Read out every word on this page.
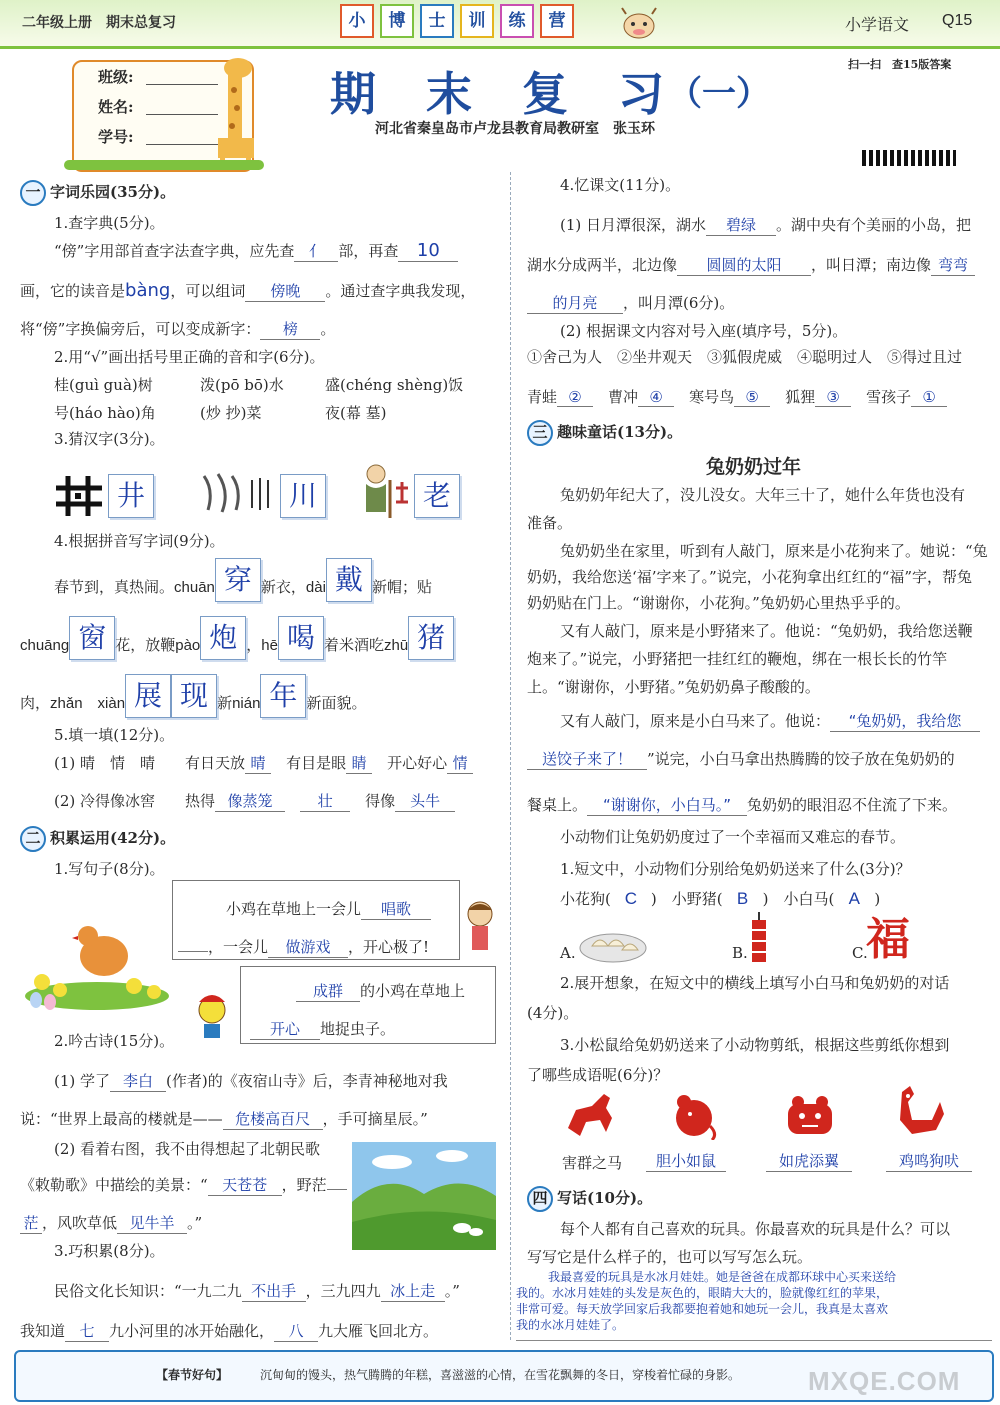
二年级上册　期末总复习	小	博	士	训	练	营	小学语文 Q15
班级:
姓名:
学号:
期　末　复　习 （一）
河北省秦皇岛市卢龙县教育局教研室　张玉环
扫一扫　查15版答案
一 字词乐园(35分)。
1.查字典(5分)。
“傍”字用部首查字法查字典，应先查 亻 部，再查 10
画，它的读音是bàng，可以组词 傍晚 。通过查字典我发现，
将“傍”字换偏旁后，可以变成新字： 榜 。
2.用“√”画出括号里正确的音和字(6分)。
桂(guì guà)树	泼(pō bō)水	盛(chéng shèng)饭
号(háo hào)角	(炒 抄)菜	夜(幕 墓)
3.猜汉字(3分)。
井	川	老
4.根据拼音写字词(9分)。
春节到，真热闹。chuān 穿 新衣，dài 戴 新帽；贴
chuāng 窗 花，放鞭pào 炮 ，hē 喝 着米酒吃zhū 猪
肉，zhǎn　xiàn 展 现 新nián 年 新面貌。
5.填一填(12分)。
(1) 晴　情　晴　　 有日天放 晴　 有目是眼 睛　 开心好心 情
(2) 冷得像冰窖　　 热得 像蒸笼　	壮　 得像 头牛
二 积累运用(42分)。
1.写句子(8分)。
小鸡在草地上一会儿 唱歌
，一会儿 做游戏 ，开心极了!
成群 的小鸡在草地上
开心 地捉虫子。
2.吟古诗(15分)。
(1) 学了 李白 (作者)的《夜宿山寺》后，李青神秘地对我
说：“世界上最高的楼就是—— 危楼高百尺 ，手可摘星辰。”
(2) 看着右图，我不由得想起了北朝民歌
《敕勒歌》中描绘的美景：“ 天苍苍 ，野茫
茫 ，风吹草低 见牛羊 。”
3.巧积累(8分)。
民俗文化长知识：“一九二九 不出手 ，三九四九 冰上走 。”
我知道 七 九小河里的冰开始融化， 八 九大雁飞回北方。
4.忆课文(11分)。
(1) 日月潭很深，湖水 碧绿 。湖中央有个美丽的小岛，把
湖水分成两半，北边像 圆圆的太阳 ，叫日潭；南边像 弯弯
的月亮 ，叫月潭(6分)。
(2) 根据课文内容对号入座(填序号，5分)。
①舍己为人　②坐井观天　③狐假虎威　④聪明过人　⑤得过且过
青蛙 ②　 曹冲 ④　 寒号鸟 ⑤　 狐狸 ③　 雪孩子 ①
三 趣味童话(13分)。
兔奶奶过年
兔奶奶年纪大了，没儿没女。大年三十了，她什么年货也没有
准备。
兔奶奶坐在家里，听到有人敲门，原来是小花狗来了。她说：“兔
奶奶，我给您送‘福’字来了。”说完，小花狗拿出红红的“福”字，帮兔
奶奶贴在门上。“谢谢你，小花狗。”兔奶奶心里热乎乎的。
又有人敲门，原来是小野猪来了。他说：“兔奶奶，我给您送鞭
炮来了。”说完，小野猪把一挂红红的鞭炮，绑在一根长长的竹竿
上。“谢谢你，小野猪。”兔奶奶鼻子酸酸的。
又有人敲门，原来是小白马来了。他说： “兔奶奶，我给您
送饺子来了！ ”说完，小白马拿出热腾腾的饺子放在兔奶奶的
餐桌上。 “谢谢你，小白马。” 兔奶奶的眼泪忍不住流了下来。
小动物们让兔奶奶度过了一个幸福而又难忘的春节。
1.短文中，小动物们分别给兔奶奶送来了什么(3分)？
小花狗( C )　 小野猪( B )　 小白马( A )
A.	B.	C.
福
2.展开想象，在短文中的横线上填写小白马和兔奶奶的对话
(4分)。
3.小松鼠给兔奶奶送来了小动物剪纸，根据这些剪纸你想到
了哪些成语呢(6分)？
害群之马	胆小如鼠	如虎添翼	鸡鸣狗吠
四 写话(10分)。
每个人都有自己喜欢的玩具。你最喜欢的玩具是什么？可以
写写它是什么样子的，也可以写写怎么玩。
我最喜爱的玩具是水冰月娃娃。她是爸爸在成都环球中心买来送给
我的。水冰月娃娃的头发是灰色的，眼睛大大的，脸就像红红的苹果，
非常可爱。每天放学回家后我都要抱着她和她玩一会儿，我真是太喜欢
我的水冰月娃娃了。
【春节好句】	沉甸甸的馒头，热气腾腾的年糕，喜滋滋的心情，在雪花飘舞的冬日，穿梭着忙碌的身影。	MXQE.COM
